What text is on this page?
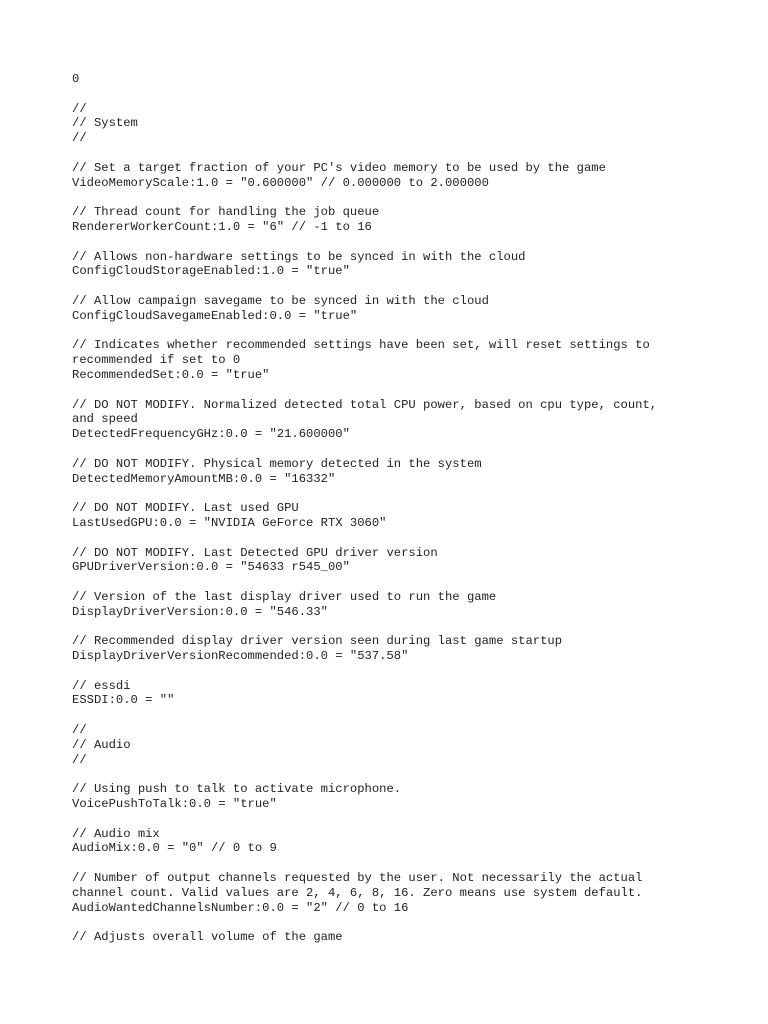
0
//
// System
//
// Set a target fraction of your PC's video memory to be used by the game
VideoMemoryScale:1.0 = "0.600000" // 0.000000 to 2.000000
// Thread count for handling the job queue
RendererWorkerCount:1.0 = "6" // -1 to 16
// Allows non-hardware settings to be synced in with the cloud
ConfigCloudStorageEnabled:1.0 = "true"
// Allow campaign savegame to be synced in with the cloud
ConfigCloudSavegameEnabled:0.0 = "true"
// Indicates whether recommended settings have been set, will reset settings to
recommended if set to 0
RecommendedSet:0.0 = "true"
// DO NOT MODIFY. Normalized detected total CPU power, based on cpu type, count,
and speed
DetectedFrequencyGHz:0.0 = "21.600000"
// DO NOT MODIFY. Physical memory detected in the system
DetectedMemoryAmountMB:0.0 = "16332"
// DO NOT MODIFY. Last used GPU
LastUsedGPU:0.0 = "NVIDIA GeForce RTX 3060"
// DO NOT MODIFY. Last Detected GPU driver version
GPUDriverVersion:0.0 = "54633 r545_00"
// Version of the last display driver used to run the game
DisplayDriverVersion:0.0 = "546.33"
// Recommended display driver version seen during last game startup
DisplayDriverVersionRecommended:0.0 = "537.58"
// essdi
ESSDI:0.0 = ""
//
// Audio
//
// Using push to talk to activate microphone.
VoicePushToTalk:0.0 = "true"
// Audio mix
AudioMix:0.0 = "0" // 0 to 9
// Number of output channels requested by the user. Not necessarily the actual
channel count. Valid values are 2, 4, 6, 8, 16. Zero means use system default.
AudioWantedChannelsNumber:0.0 = "2" // 0 to 16
// Adjusts overall volume of the game
